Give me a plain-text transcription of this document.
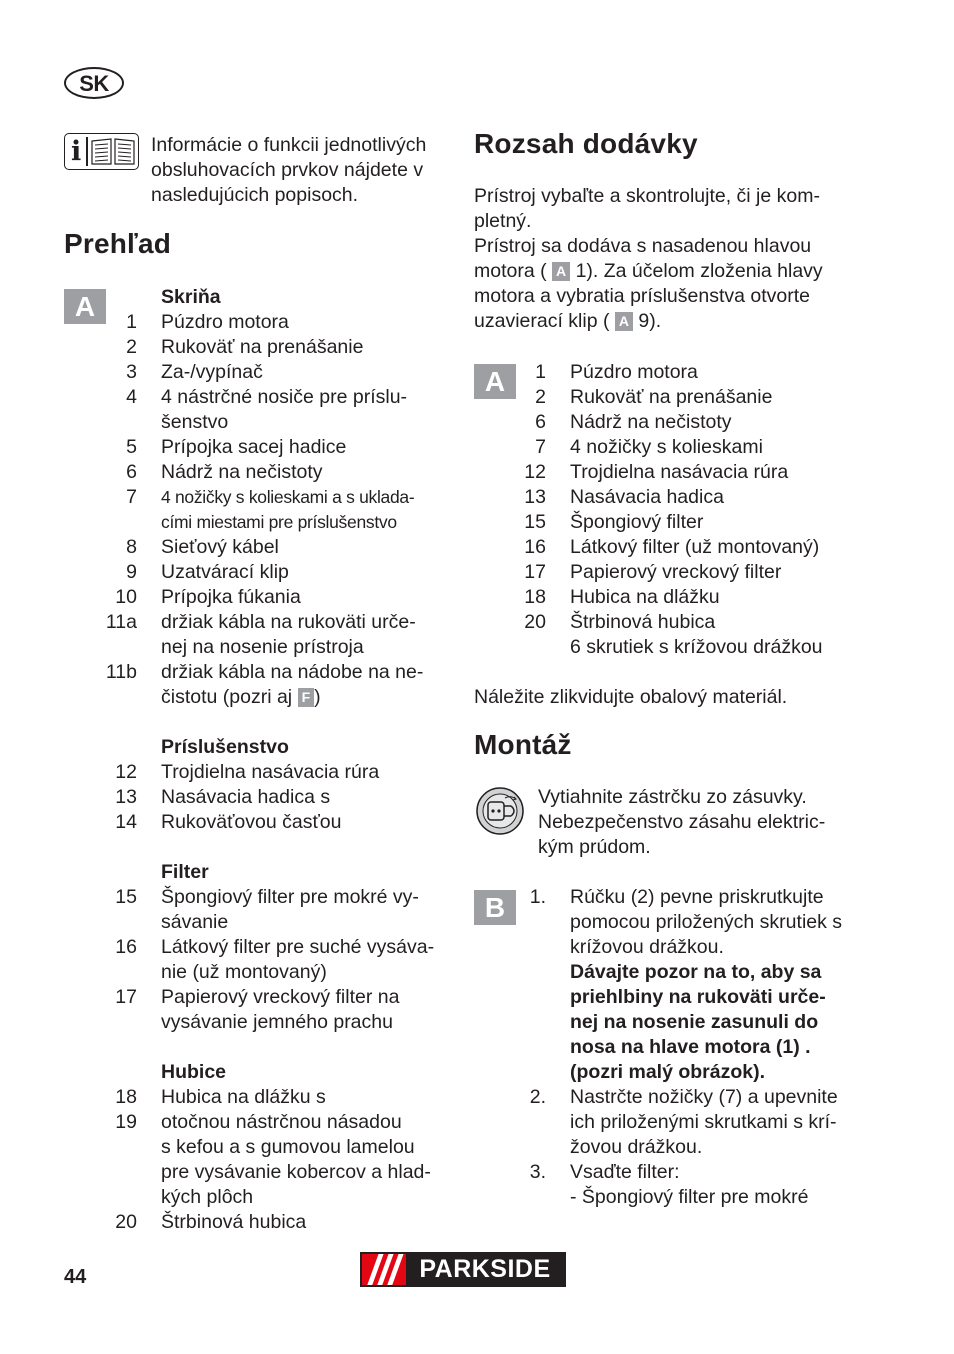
SK
i	Informácie o funkcii jednotlivých obsluhovacích prvkov nájdete v nasledujúcich popisoch.
Prehľad
A	Skriňa
1 Púzdro motora
2 Rukoväť na prenášanie
3 Za-/vypínač
4 4 nástrčné nosiče pre príslu-
šenstvo
5 Prípojka sacej hadice
6 Nádrž na nečistoty
7 4 nožičky s kolieskami a s uklada-
cími miestami pre príslušenstvo
8 Sieťový kábel
9 Uzatvárací klip
10 Prípojka fúkania
11a držiak kábla na rukoväti urče-
nej na nosenie prístroja
11b držiak kábla na nádobe na ne-
čistotu (pozri aj F )
Príslušenstvo
12 Trojdielna nasávacia rúra
13 Nasávacia hadica s
14 Rukoväťovou časťou
Filter
15 Špongiový filter pre mokré vy-
sávanie
16 Látkový filter pre suché vysáva-
nie (už montovaný)
17 Papierový vreckový filter na
vysávanie jemného prachu
Hubice
18 Hubica na dlážku s
19 otočnou nástrčnou násadou
s kefou a s gumovou lamelou
pre vysávanie kobercov a hlad-
kých plôch
20 Štrbinová hubica
Rozsah dodávky
Prístroj vybaľte a skontrolujte, či je kom-
pletný.
Prístroj sa dodáva s nasadenou hlavou
motora ( A 1). Za účelom zloženia hlavy
motora a vybratia príslušenstva otvorte
uzavierací klip ( A 9).
A	1 Púzdro motora
2 Rukoväť na prenášanie
6 Nádrž na nečistoty
7 4 nožičky s kolieskami
12 Trojdielna nasávacia rúra
13 Nasávacia hadica
15 Špongiový filter
16 Látkový filter (už montovaný)
17 Papierový vreckový filter
18 Hubica na dlážku
20 Štrbinová hubica
6 skrutiek s krížovou drážkou
Náležite zlikvidujte obalový materiál.
Montáž
Vytiahnite zástrčku zo zásuvky.
Nebezpečenstvo zásahu elektric-
kým prúdom.
B	1. Rúčku (2) pevne priskrutkujte
pomocou priložených skrutiek s
krížovou drážkou.
Dávajte pozor na to, aby sa
priehlbiny na rukoväti urče-
nej na nosenie zasunuli do
nosa na hlave motora (1) .
(pozri malý obrázok).
2. Nastrčte nožičky (7) a upevnite
ich priloženými skrutkami s krí-
žovou drážkou.
3. Vsaďte filter:
- Špongiový filter pre mokré
44	PARKSIDE
